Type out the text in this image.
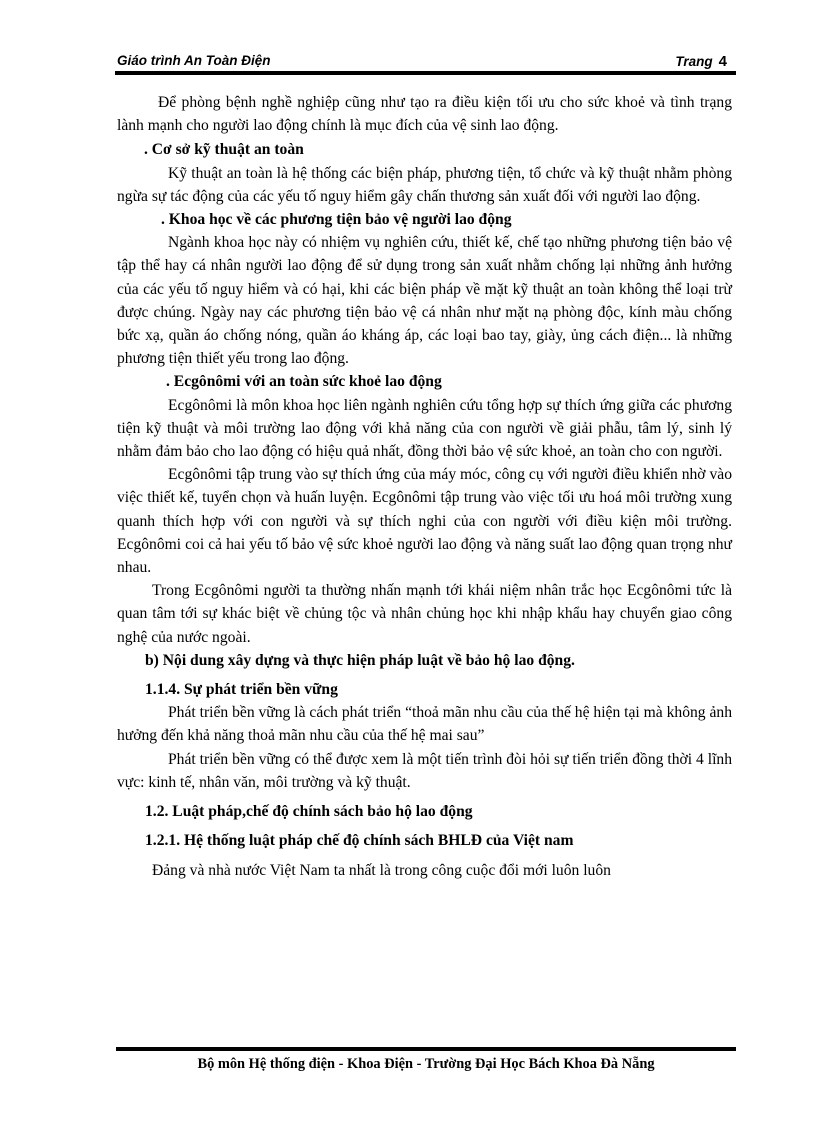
Giáo trình An Toàn Điện	Trang 4

Để phòng bệnh nghề nghiệp cũng như tạo ra điều kiện tối ưu cho sức khoẻ và tình trạng lành mạnh cho người lao động chính là mục đích của vệ sinh lao động.

. Cơ sở kỹ thuật an toàn

Kỹ thuật an toàn là hệ thống các biện pháp, phương tiện, tổ chức và kỹ thuật nhằm phòng ngừa sự tác động của các yếu tố nguy hiểm gây chấn thương sản xuất đối với người lao động.

. Khoa học về các phương tiện bảo vệ người lao động

Ngành khoa học này có nhiệm vụ nghiên cứu, thiết kế, chế tạo những phương tiện bảo vệ tập thể hay cá nhân người lao động để sử dụng trong sản xuất nhằm chống lại những ảnh hưởng của các yếu tố nguy hiểm và có hại, khi các biện pháp về mặt kỹ thuật an toàn không thể loại trừ được chúng. Ngày nay các phương tiện bảo vệ cá nhân như mặt nạ phòng độc, kính màu chống bức xạ, quần áo chống nóng, quần áo kháng áp, các loại bao tay, giày, ủng cách điện... là những phương tiện thiết yếu trong lao động.

. Ecgônômi với an toàn sức khoẻ lao động

Ecgônômi là môn khoa học liên ngành nghiên cứu tổng hợp sự thích ứng giữa các phương tiện kỹ thuật và môi trường lao động với khả năng của con người về giải phẫu, tâm lý, sinh lý nhằm đảm bảo cho lao động có hiệu quả nhất, đồng thời bảo vệ sức khoẻ, an toàn cho con người.

Ecgônômi tập trung vào sự thích ứng của máy móc, công cụ với người điều khiển nhờ vào việc thiết kế, tuyển chọn và huấn luyện. Ecgônômi tập trung vào việc tối ưu hoá môi trường xung quanh thích hợp với con người và sự thích nghi của con người với điều kiện môi trường. Ecgônômi coi cả hai yếu tố bảo vệ sức khoẻ người lao động và năng suất lao động quan trọng như nhau.

Trong Ecgônômi người ta thường nhấn mạnh tới khái niệm nhân trắc học Ecgônômi tức là quan tâm tới sự khác biệt về chủng tộc và nhân chủng học khi nhập khẩu hay chuyển giao công nghệ của nước ngoài.

b) Nội dung xây dựng và thực hiện pháp luật về bảo hộ lao động.

1.1.4. Sự phát triển bền vững

Phát triển bền vững là cách phát triển “thoả mãn nhu cầu của thế hệ hiện tại mà không ảnh hưởng đến khả năng thoả mãn nhu cầu của thế hệ mai sau”

Phát triển bền vững có thể được xem là một tiến trình đòi hỏi sự tiến triển đồng thời 4 lĩnh vực: kinh tế, nhân văn, môi trường và kỹ thuật.

1.2. Luật pháp,chế độ chính sách bảo hộ lao động

1.2.1. Hệ thống luật pháp chế độ chính sách BHLĐ của Việt nam

Đảng và nhà nước Việt Nam ta nhất là trong công cuộc đổi mới luôn luôn

Bộ môn Hệ thống điện - Khoa Điện - Trường Đại Học Bách Khoa Đà Nẵng
